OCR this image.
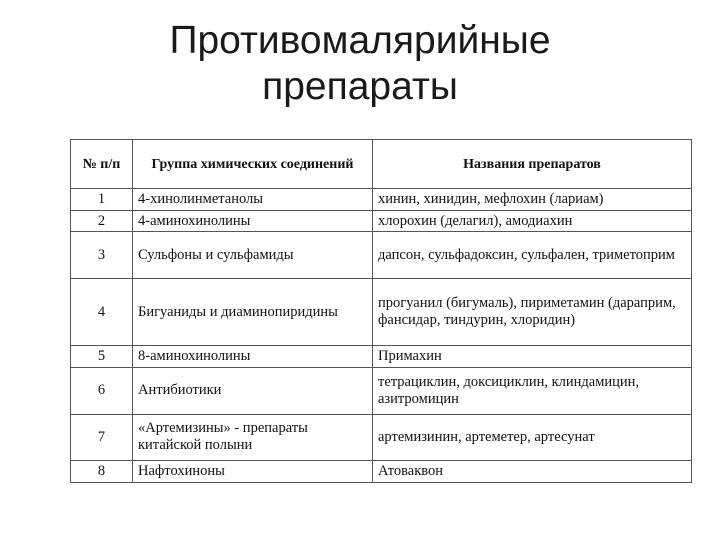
Противомалярийные
препараты
№ п/п	Группа химических соединений	Названия препаратов
1	4-хинолинметанолы	хинин, хинидин, мефлохин (лариам)
2	4-аминохинолины	хлорохин (делагил), амодиахин
3	Сульфоны и сульфамиды	дапсон, сульфадоксин, сульфален, триметоприм
4	Бигуаниды и диаминопиридины	прогуанил (бигумаль), пириметамин (дараприм, фансидар, тиндурин, хлоридин)
5	8-аминохинолины	Примахин
6	Антибиотики	тетрациклин, доксициклин, клиндамицин, азитромицин
7	«Артемизины» - препараты китайской полыни	артемизинин, артеметер, артесунат
8	Нафтохиноны	Атоваквон
